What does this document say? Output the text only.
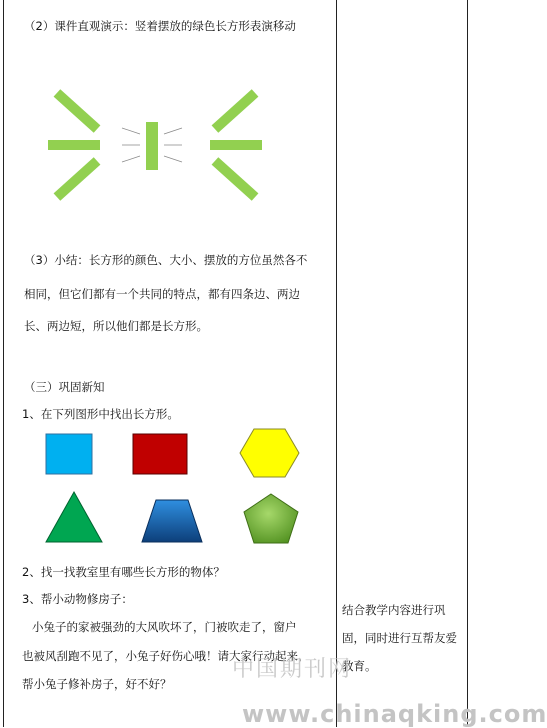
（2）课件直观演示：竖着摆放的绿色长方形表演移动
（3）小结：长方形的颜色、大小、摆放的方位虽然各不
相同，但它们都有一个共同的特点，都有四条边、两边
长、两边短，所以他们都是长方形。
（三）巩固新知
1、在下列图形中找出长方形。
2、找一找教室里有哪些长方形的物体？
3、帮小动物修房子：
小兔子的家被强劲的大风吹坏了，门被吹走了，窗户
也被风刮跑不见了，小兔子好伤心哦！请大家行动起来，
帮小兔子修补房子，好不好？
结合教学内容进行巩固，同时进行互帮友爱教育。
中国期刊网
www.chinaqking.com
